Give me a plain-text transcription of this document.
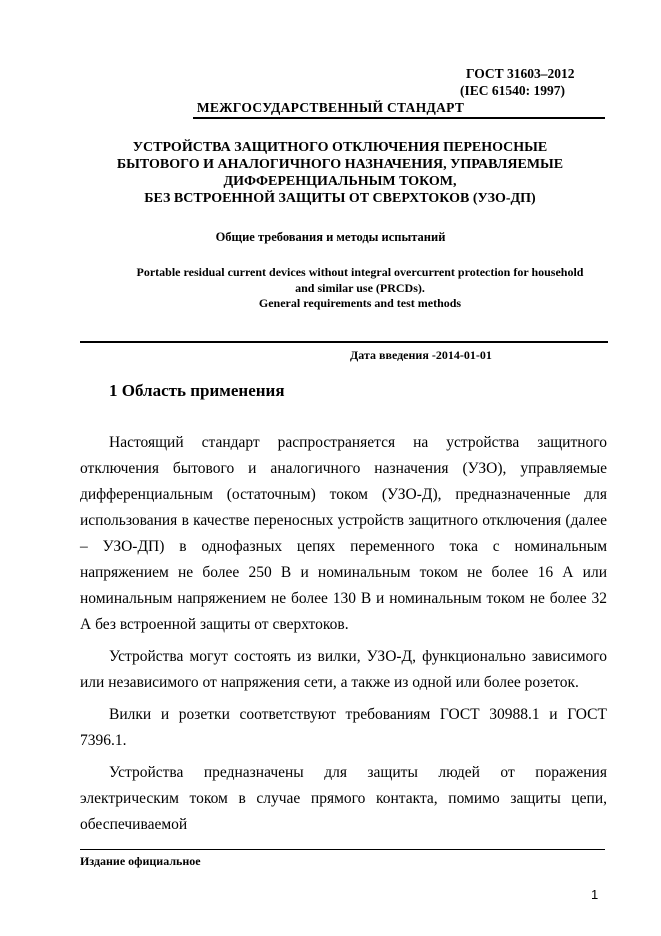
ГОСТ 31603–2012
(IEC 61540: 1997)
МЕЖГОСУДАРСТВЕННЫЙ СТАНДАРТ
УСТРОЙСТВА ЗАЩИТНОГО ОТКЛЮЧЕНИЯ ПЕРЕНОСНЫЕ
БЫТОВОГО И АНАЛОГИЧНОГО НАЗНАЧЕНИЯ, УПРАВЛЯЕМЫЕ
ДИФФЕРЕНЦИАЛЬНЫМ ТОКОМ,
БЕЗ ВСТРОЕННОЙ ЗАЩИТЫ ОТ СВЕРХТОКОВ (УЗО-ДП)
Общие требования и методы испытаний
Portable residual current devices without integral overcurrent protection for household
and similar use (PRCDs).
General requirements and test methods
Дата введения -2014-01-01
1 Область применения

Настоящий стандарт распространяется на устройства защитного отключения бытового и аналогичного назначения (УЗО), управляемые дифференциальным (остаточным) током (УЗО-Д), предназначенные для использования в качестве переносных устройств защитного отключения (далее – УЗО-ДП) в однофазных цепях переменного тока с номинальным напряжением не более 250 В и номинальным током не более 16 А или номинальным напряжением не более 130 В и номинальным током не более 32 А без встроенной защиты от сверхтоков.

Устройства могут состоять из вилки, УЗО-Д, функционально зависимого или независимого от напряжения сети, а также из одной или более розеток.

Вилки и розетки соответствуют требованиям ГОСТ 30988.1 и ГОСТ 7396.1.

Устройства предназначены для защиты людей от поражения электрическим током в случае прямого контакта, помимо защиты цепи, обеспечиваемой

Издание официальное
1
